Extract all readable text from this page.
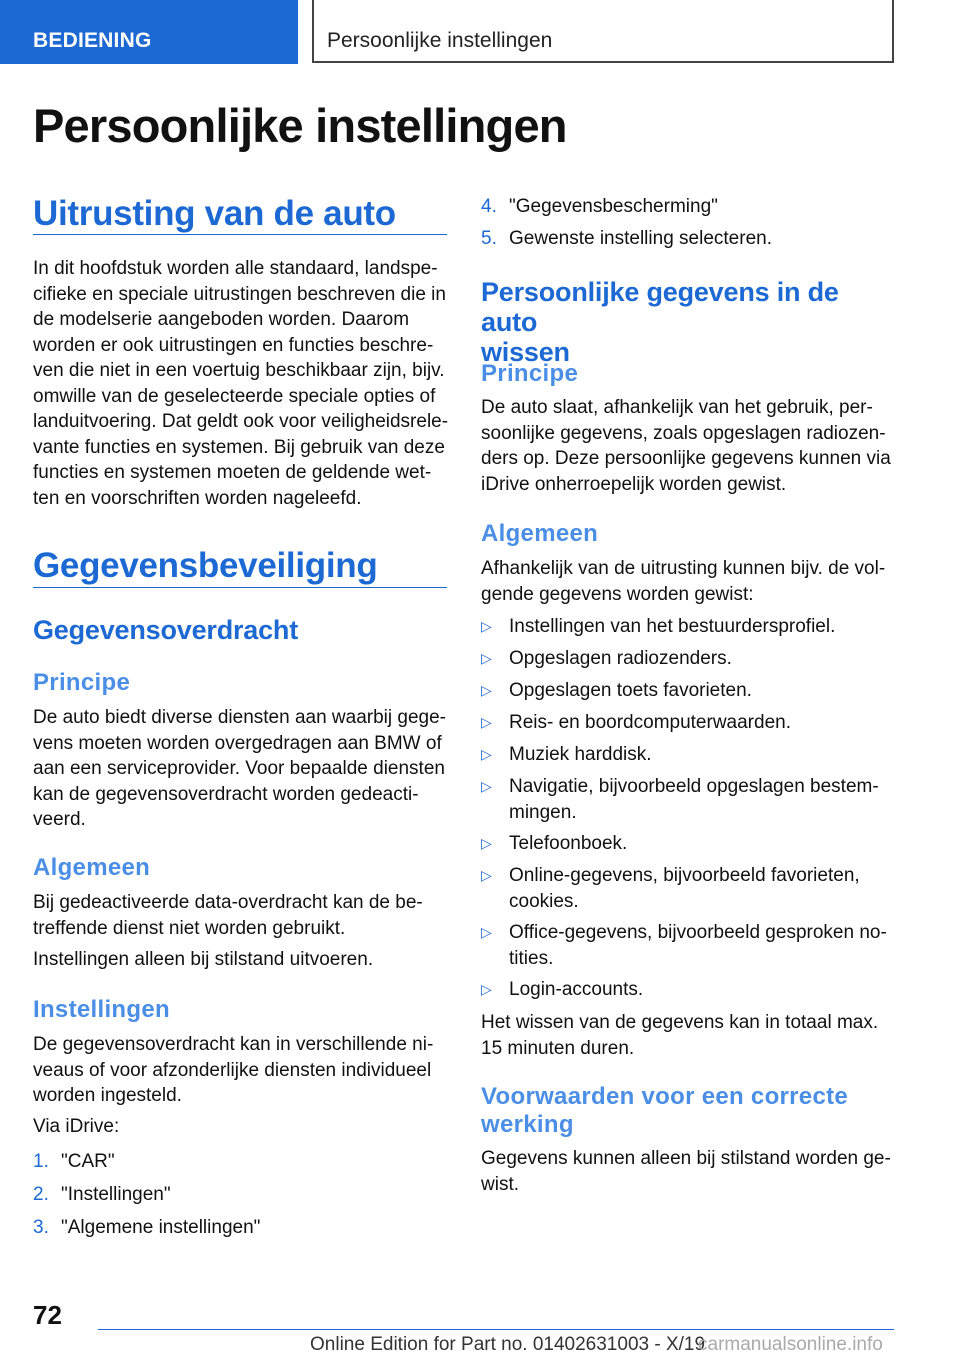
BEDIENING	Persoonlijke instellingen
Persoonlijke instellingen
Uitrusting van de auto
In dit hoofdstuk worden alle standaard, landspe‐
cifieke en speciale uitrustingen beschreven die in
de modelserie aangeboden worden. Daarom
worden er ook uitrustingen en functies beschre‐
ven die niet in een voertuig beschikbaar zijn, bijv.
omwille van de geselecteerde speciale opties of
landuitvoering. Dat geldt ook voor veiligheidsrele‐
vante functies en systemen. Bij gebruik van deze
functies en systemen moeten de geldende wet‐
ten en voorschriften worden nageleefd.
Gegevensbeveiliging
Gegevensoverdracht
Principe
De auto biedt diverse diensten aan waarbij gege‐
vens moeten worden overgedragen aan BMW of
aan een serviceprovider. Voor bepaalde diensten
kan de gegevensoverdracht worden gedeacti‐
veerd.
Algemeen
Bij gedeactiveerde data-overdracht kan de be‐
treffende dienst niet worden gebruikt.
Instellingen alleen bij stilstand uitvoeren.
Instellingen
De gegevensoverdracht kan in verschillende ni‐
veaus of voor afzonderlijke diensten individueel
worden ingesteld.
Via iDrive:
1. "CAR"
2. "Instellingen"
3. "Algemene instellingen"
4. "Gegevensbescherming"
5. Gewenste instelling selecteren.
Persoonlijke gegevens in de auto
wissen
Principe
De auto slaat, afhankelijk van het gebruik, per‐
soonlijke gegevens, zoals opgeslagen radiozen‐
ders op. Deze persoonlijke gegevens kunnen via
iDrive onherroepelijk worden gewist.
Algemeen
Afhankelijk van de uitrusting kunnen bijv. de vol‐
gende gegevens worden gewist:
▷ Instellingen van het bestuurdersprofiel.
▷ Opgeslagen radiozenders.
▷ Opgeslagen toets favorieten.
▷ Reis- en boordcomputerwaarden.
▷ Muziek harddisk.
▷ Navigatie, bijvoorbeeld opgeslagen bestem‐
mingen.
▷ Telefoonboek.
▷ Online-gegevens, bijvoorbeeld favorieten,
cookies.
▷ Office-gegevens, bijvoorbeeld gesproken no‐
tities.
▷ Login-accounts.
Het wissen van de gegevens kan in totaal max.
15 minuten duren.
Voorwaarden voor een correcte
werking
Gegevens kunnen alleen bij stilstand worden ge‐
wist.
72
Online Edition for Part no. 01402631003 - X/19
carmanualsonline.info
